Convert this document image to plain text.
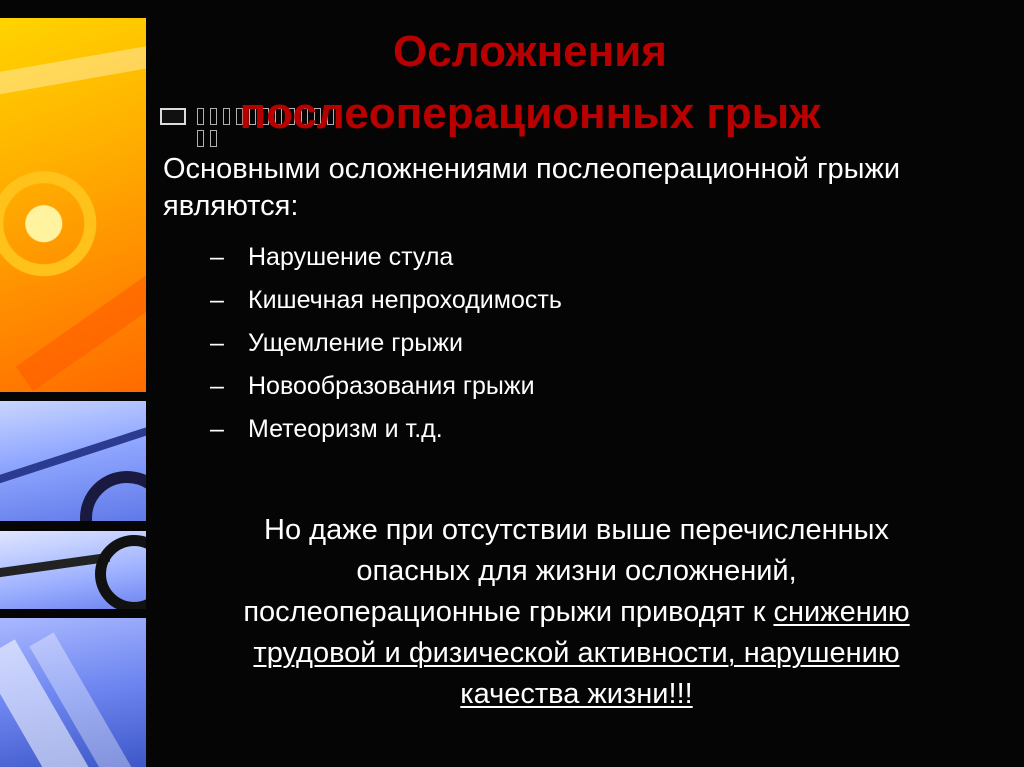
Осложнения
послеоперационных грыж
Основными осложнениями послеоперационной грыжи являются:
– Нарушение стула
– Кишечная непроходимость
– Ущемление грыжи
– Новообразования грыжи
– Метеоризм и т.д.
Но даже при отсутствии выше перечисленных
опасных для жизни осложнений,
послеоперационные грыжи приводят к снижению
трудовой и физической активности, нарушению
качества жизни!!!
